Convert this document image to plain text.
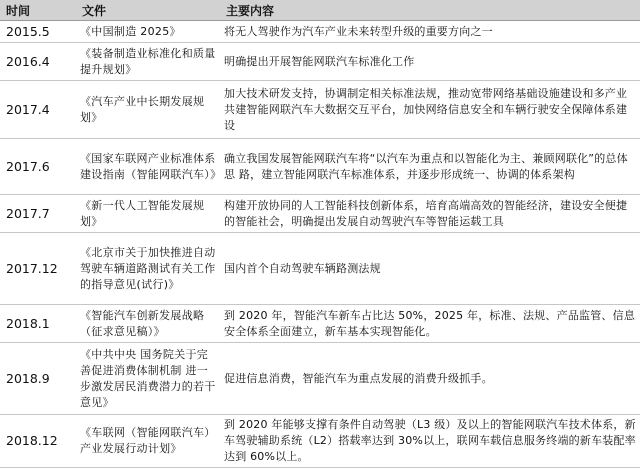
时间	文件	主要内容
2015.5	《中国制造 2025》	将无人驾驶作为汽车产业未来转型升级的重要方向之一
2016.4	《装备制造业标准化和质量提升规划》	明确提出开展智能网联汽车标准化工作
2017.4	《汽车产业中长期发展规划》	加大技术研发支持，协调制定相关标准法规，推动宽带网络基础设施建设和多产业共建智能网联汽车大数据交互平台，加快网络信息安全和车辆行驶安全保障体系建设
2017.6	《国家车联网产业标准体系建设指南（智能网联汽车）》	确立我国发展智能网联汽车将“以汽车为重点和以智能化为主、兼顾网联化”的总体思 路，建立智能网联汽车标准体系，并逐步形成统一、协调的体系架构
2017.7	《新一代人工智能发展规划》	构建开放协同的人工智能科技创新体系，培育高端高效的智能经济，建设安全便捷的智能社会，明确提出发展自动驾驶汽车等智能运载工具
2017.12	《北京市关于加快推进自动驾驶车辆道路测试有关工作的指导意见(试行)》	国内首个自动驾驶车辆路测法规
2018.1	《智能汽车创新发展战略（征求意见稿）》	到 2020 年，智能汽车新车占比达 50%，2025 年，标准、法规、产品监管、信息安全体系全面建立，新车基本实现智能化。
2018.9	《中共中央 国务院关于完善促进消费体制机制 进一步激发居民消费潜力的若干意见》	促进信息消费，智能汽车为重点发展的消费升级抓手。
2018.12	《车联网（智能网联汽车）产业发展行动计划》	到 2020 年能够支撑有条件自动驾驶（L3 级）及以上的智能网联汽车技术体系，新车驾驶辅助系统（L2）搭载率达到 30%以上，联网车载信息服务终端的新车装配率达到 60%以上。
